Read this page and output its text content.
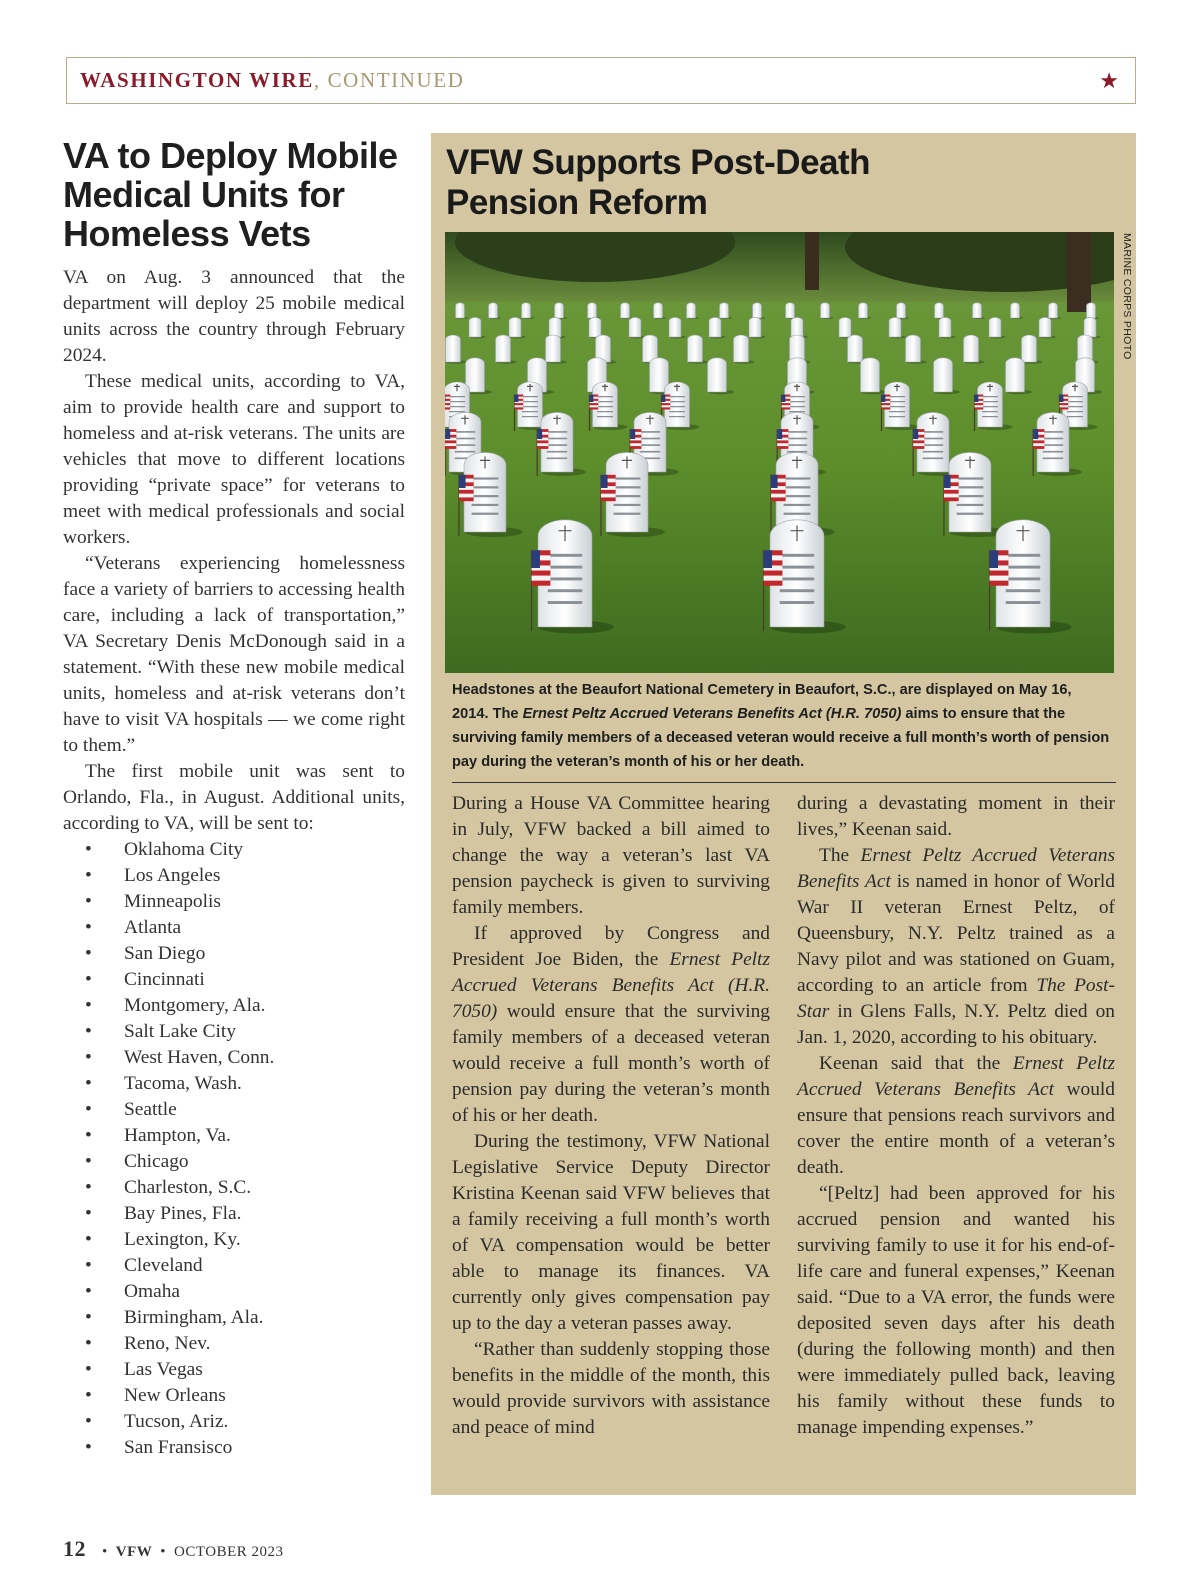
WASHINGTON WIRE, CONTINUED	★
VA to Deploy Mobile Medical Units for Homeless Vets

VA on Aug. 3 announced that the department will deploy 25 mobile medical units across the country through February 2024.

These medical units, according to VA, aim to provide health care and support to homeless and at-risk veterans. The units are vehicles that move to different locations providing “private space” for veterans to meet with medical professionals and social workers.

“Veterans experiencing homelessness face a variety of barriers to accessing health care, including a lack of transportation,” VA Secretary Denis McDonough said in a statement. “With these new mobile medical units, homeless and at-risk veterans don’t have to visit VA hospitals — we come right to them.”

The first mobile unit was sent to Orlando, Fla., in August. Additional units, according to VA, will be sent to:

•	Oklahoma City
•	Los Angeles
•	Minneapolis
•	Atlanta
•	San Diego
•	Cincinnati
•	Montgomery, Ala.
•	Salt Lake City
•	West Haven, Conn.
•	Tacoma, Wash.
•	Seattle
•	Hampton, Va.
•	Chicago
•	Charleston, S.C.
•	Bay Pines, Fla.
•	Lexington, Ky.
•	Cleveland
•	Omaha
•	Birmingham, Ala.
•	Reno, Nev.
•	Las Vegas
•	New Orleans
•	Tucson, Ariz.
•	San Fransisco
VFW Supports Post-Death Pension Reform
MARINE CORPS PHOTO

Headstones at the Beaufort National Cemetery in Beaufort, S.C., are displayed on May 16, 2014. The Ernest Peltz Accrued Veterans Benefits Act (H.R. 7050) aims to ensure that the surviving family members of a deceased veteran would receive a full month’s worth of pension pay during the veteran’s month of his or her death.

During a House VA Committee hearing in July, VFW backed a bill aimed to change the way a veteran’s last VA pension paycheck is given to surviving family members.

If approved by Congress and President Joe Biden, the Ernest Peltz Accrued Veterans Benefits Act (H.R. 7050) would ensure that the surviving family members of a deceased veteran would receive a full month’s worth of pension pay during the veteran’s month of his or her death.

During the testimony, VFW National Legislative Service Deputy Director Kristina Keenan said VFW believes that a family receiving a full month’s worth of VA compensation would be better able to manage its finances. VA currently only gives compensation pay up to the day a veteran passes away.

“Rather than suddenly stopping those benefits in the middle of the month, this would provide survivors with assistance and peace of mind

during a devastating moment in their lives,” Keenan said.

The Ernest Peltz Accrued Veterans Benefits Act is named in honor of World War II veteran Ernest Peltz, of Queensbury, N.Y. Peltz trained as a Navy pilot and was stationed on Guam, according to an article from The Post-Star in Glens Falls, N.Y. Peltz died on Jan. 1, 2020, according to his obituary.

Keenan said that the Ernest Peltz Accrued Veterans Benefits Act would ensure that pensions reach survivors and cover the entire month of a veteran’s death.

“[Peltz] had been approved for his accrued pension and wanted his surviving family to use it for his end-of-life care and funeral expenses,” Keenan said. “Due to a VA error, the funds were deposited seven days after his death (during the following month) and then were immediately pulled back, leaving his family without these funds to manage impending expenses.”

12 • VFW • OCTOBER 2023
